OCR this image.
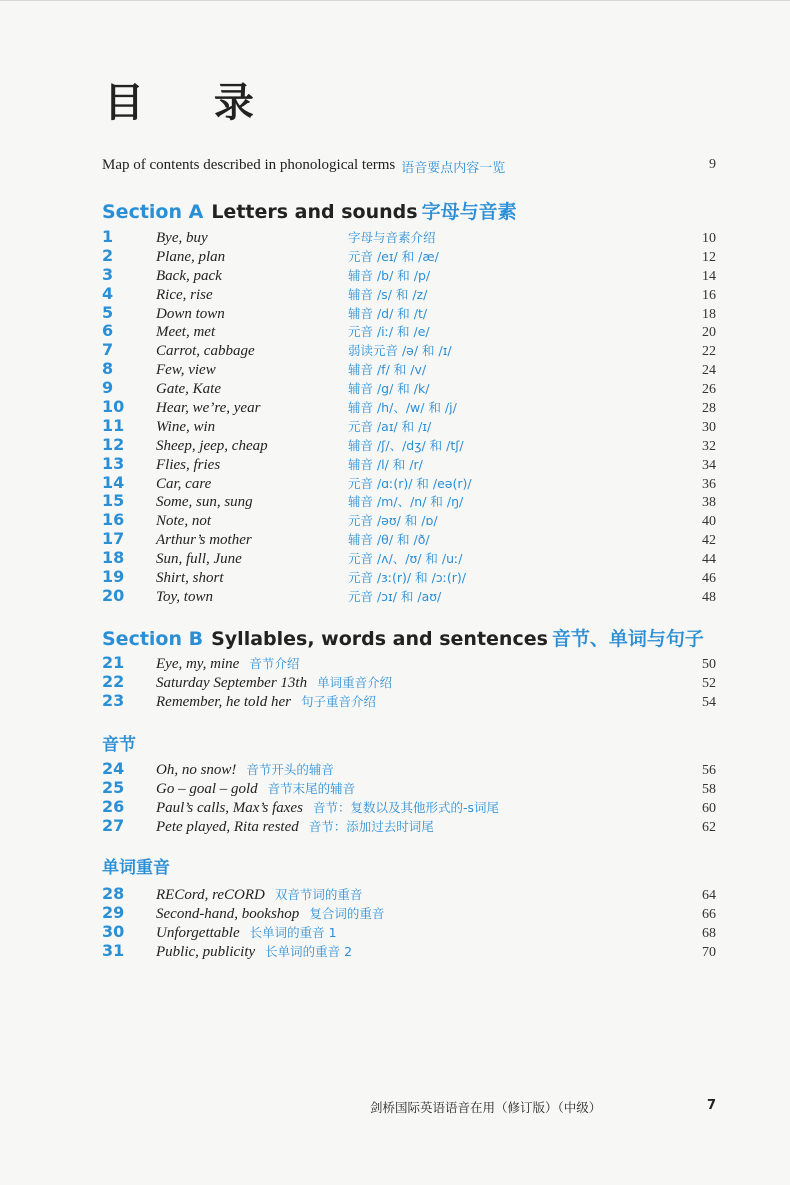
目 录
Map of contents described in phonological terms 语音要点内容一览	9
Section A Letters and sounds 字母与音素
1	Bye, buy	字母与音素介绍	10
2	Plane, plan	元音 /eɪ/ 和 /æ/	12
3	Back, pack	辅音 /b/ 和 /p/	14
4	Rice, rise	辅音 /s/ 和 /z/	16
5	Down town	辅音 /d/ 和 /t/	18
6	Meet, met	元音 /iː/ 和 /e/	20
7	Carrot, cabbage	弱读元音 /ə/ 和 /ɪ/	22
8	Few, view	辅音 /f/ 和 /v/	24
9	Gate, Kate	辅音 /g/ 和 /k/	26
10	Hear, we’re, year	辅音 /h/、/w/ 和 /j/	28
11	Wine, win	元音 /aɪ/ 和 /ɪ/	30
12	Sheep, jeep, cheap	辅音 /ʃ/、/dʒ/ 和 /tʃ/	32
13	Flies, fries	辅音 /l/ 和 /r/	34
14	Car, care	元音 /ɑː(r)/ 和 /eə(r)/	36
15	Some, sun, sung	辅音 /m/、/n/ 和 /ŋ/	38
16	Note, not	元音 /əʊ/ 和 /ɒ/	40
17	Arthur’s mother	辅音 /θ/ 和 /ð/	42
18	Sun, full, June	元音 /ʌ/、/ʊ/ 和 /uː/	44
19	Shirt, short	元音 /ɜː(r)/ 和 /ɔː(r)/	46
20	Toy, town	元音 /ɔɪ/ 和 /aʊ/	48
Section B Syllables, words and sentences 音节、单词与句子
21	Eye, my, mine 音节介绍	50
22	Saturday September 13th 单词重音介绍	52
23	Remember, he told her 句子重音介绍	54
音节
24	Oh, no snow! 音节开头的辅音	56
25	Go – goal – gold 音节末尾的辅音	58
26	Paul’s calls, Max’s faxes 音节：复数以及其他形式的-s词尾	60
27	Pete played, Rita rested 音节：添加过去时词尾	62
单词重音
28	RECord, reCORD 双音节词的重音	64
29	Second-hand, bookshop 复合词的重音	66
30	Unforgettable 长单词的重音 1	68
31	Public, publicity 长单词的重音 2	70
剑桥国际英语语音在用（修订版）（中级）	7
